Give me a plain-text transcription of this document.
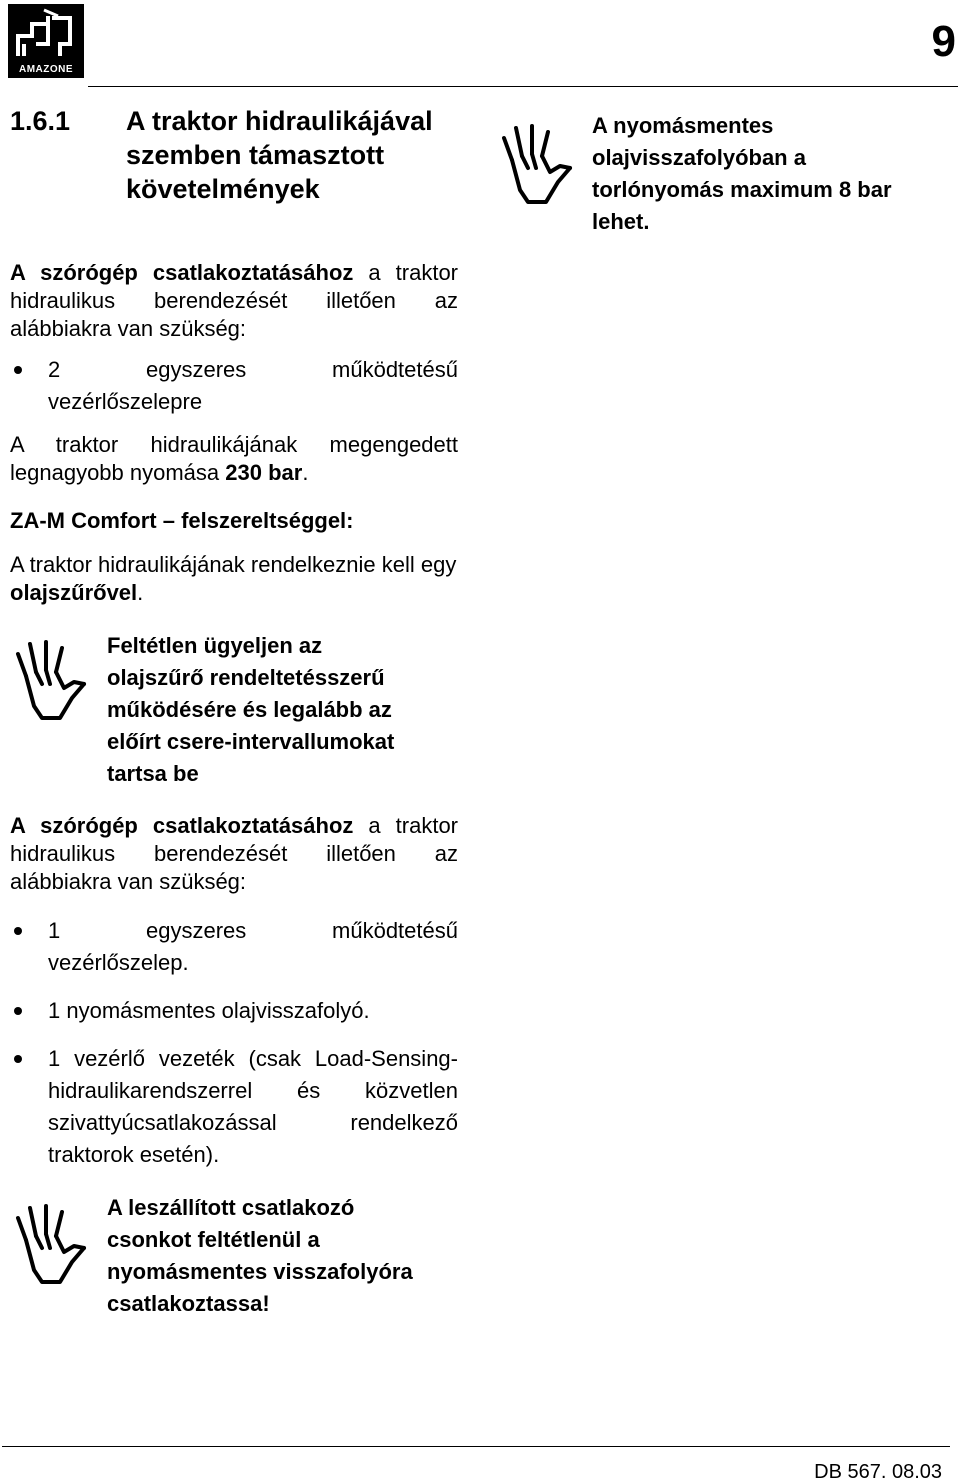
AMAZONE
9
1.6.1 A traktor hidraulikájával szemben támasztott követelmények
A nyomásmentes olajvisszafolyóban a torlónyomás maximum 8 bar lehet.
A szórógép csatlakoztatásához a traktor hidraulikus berendezését illetően az alábbiakra van szükség:
2 egyszeres működtetésű
vezérlőszelepre
A traktor hidraulikájának megengedett legnagyobb nyomása 230 bar.
ZA-M Comfort – felszereltséggel:
A traktor hidraulikájának rendelkeznie kell egy olajszűrővel.
Feltétlen ügyeljen az
olajszűrő rendeltetésszerű
működésére és legalább az
előírt csere-intervallumokat
tartsa be
A szórógép csatlakoztatásához a traktor hidraulikus berendezését illetően az alábbiakra van szükség:
1 egyszeres működtetésű
vezérlőszelep.
1 nyomásmentes olajvisszafolyó.
1 vezérlő vezeték (csak Load-Sensing-hidraulikarendszerrel és közvetlen szivattyúcsatlakozással rendelkező traktorok esetén).
A leszállított csatlakozó
csonkot feltétlenül a
nyomásmentes visszafolyóra
csatlakoztassa!
DB 567. 08.03
